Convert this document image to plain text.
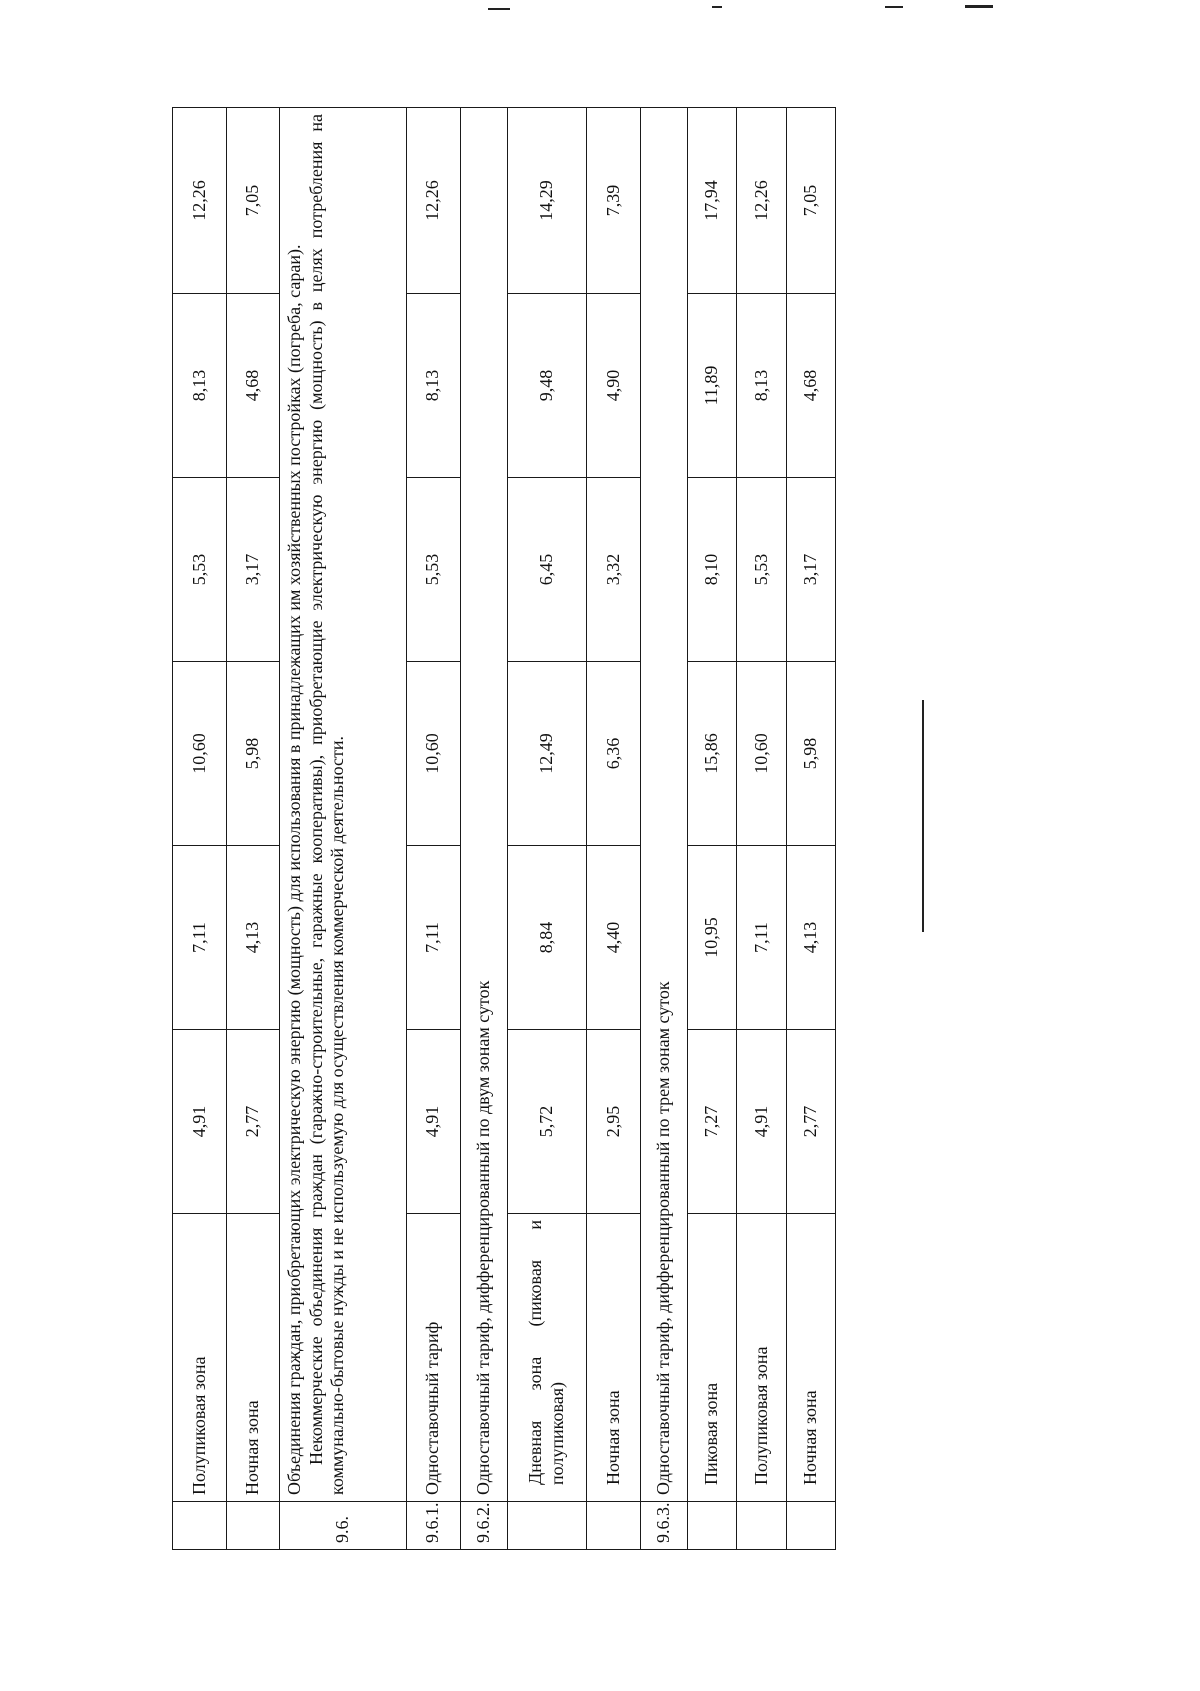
	Полупиковая зона	4,91	7,11	10,60	5,53	8,13	12,26
	Ночная зона	2,77	4,13	5,98	3,17	4,68	7,05
9.6.	Объединения граждан, приобретающих электрическую энергию (мощность) для использования в принадлежащих им хозяйственных постройках (погреба, сараи). Некоммерческие объединения граждан (гаражно-строительные, гаражные кооперативы), приобретающие электрическую энергию (мощность) в целях потребления на коммунально-бытовые нужды и не используемую для осуществления коммерческой деятельности.						

9.6.1.	Одноставочный тариф	4,91	7,11	10,60	5,53	8,13	12,26
9.6.2.	Одноставочный тариф, дифференцированный по двум зонам суток						
	Дневная зона (пиковая и полупиковая)	5,72	8,84	12,49	6,45	9,48	14,29
	Ночная зона	2,95	4,40	6,36	3,32	4,90	7,39
9.6.3.	Одноставочный тариф, дифференцированный по трем зонам суток						
	Пиковая зона	7,27	10,95	15,86	8,10	11,89	17,94
	Полупиковая зона	4,91	7,11	10,60	5,53	8,13	12,26
	Ночная зона	2,77	4,13	5,98	3,17	4,68	7,05
